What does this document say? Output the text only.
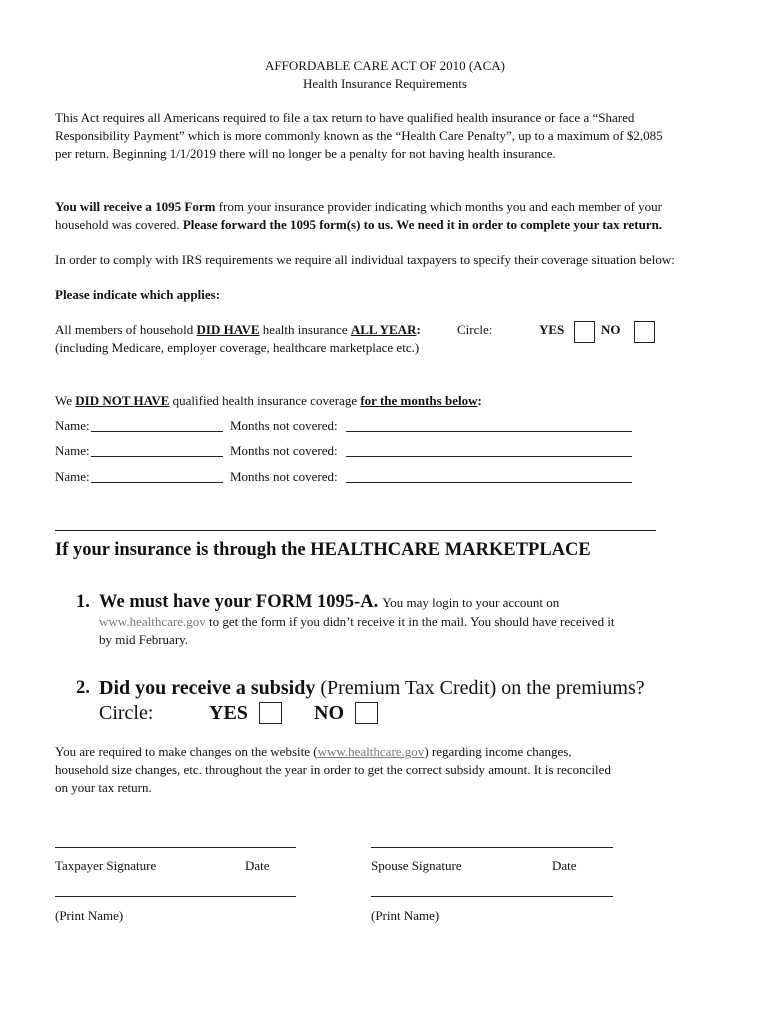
AFFORDABLE CARE ACT OF 2010 (ACA)
Health Insurance Requirements
This Act requires all Americans required to file a tax return to have qualified health insurance or face a “Shared
Responsibility Payment” which is more commonly known as the “Health Care Penalty”, up to a maximum of $2,085
per return. Beginning 1/1/2019 there will no longer be a penalty for not having health insurance.
You will receive a 1095 Form from your insurance provider indicating which months you and each member of your
household was covered. Please forward the 1095 form(s) to us. We need it in order to complete your tax return.
In order to comply with IRS requirements we require all individual taxpayers to specify their coverage situation below:
Please indicate which applies:
All members of household DID HAVE health insurance ALL YEAR:	Circle:	YES	NO
(including Medicare, employer coverage, healthcare marketplace etc.)
We DID NOT HAVE qualified health insurance coverage for the months below:
Name:	Months not covered:
Name:	Months not covered:
Name:	Months not covered:
If your insurance is through the HEALTHCARE MARKETPLACE
1. We must have your FORM 1095-A. You may login to your account on
www.healthcare.gov to get the form if you didn’t receive it in the mail. You should have received it
by mid February.
2. Did you receive a subsidy (Premium Tax Credit) on the premiums?
Circle:	YES	NO
You are required to make changes on the website (www.healthcare.gov) regarding income changes,
household size changes, etc. throughout the year in order to get the correct subsidy amount. It is reconciled
on your tax return.
Taxpayer Signature	Date	Spouse Signature	Date
(Print Name)	(Print Name)
